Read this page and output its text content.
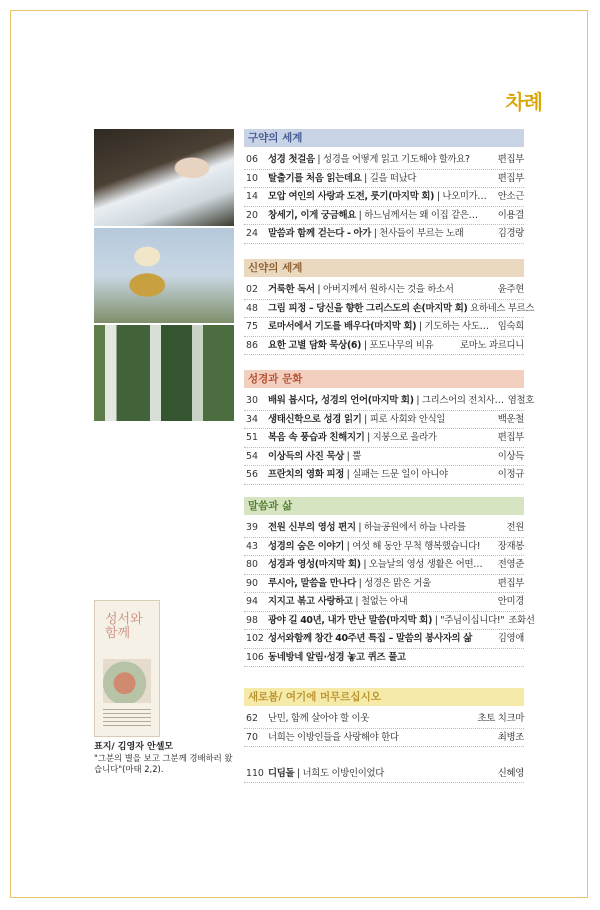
차례
구약의 세계
06	성경 첫걸음 | 성경을 어떻게 읽고 기도해야 할까요?	편집부
10	탈출기를 처음 읽는데요 | 길을 떠났다	편집부
14	모압 여인의 사랑과 도전, 룻기(마지막 회) | 나오미가…	안소근
20	창세기, 이게 궁금해요 | 하느님께서는 왜 이집 같은…	이용결
24	말씀과 함께 걷는다 - 아가 | 천사들이 부르는 노래	김경랑
신약의 세계
02	거룩한 독서 | 아버지께서 원하시는 것을 하소서	윤주현
48	그림 피정 – 당신을 향한 그리스도의 손(마지막 회) 요하네스 부르스
75	로마서에서 기도를 배우다(마지막 회) | 기도하는 사도… 임숙희
86	요한 고별 담화 묵상(6) | 포도나무의 비유	로마노 과르디니
성경과 문화
30	배워 봅시다, 성경의 언어(마지막 회) | 그리스어의 전치사… 염철호
34	생태신학으로 성경 읽기 | 피로 사회와 안식일	백운철
51	복음 속 풍습과 친해지기 | 지붕으로 올라가	편집부
54	이상득의 사진 묵상 | 뿔	이상득
56	프란치의 영화 피정 | 실패는 드문 일이 아니야	이정규
말씀과 삶
39	전원 신부의 영성 편지 | 하늘공원에서 하늘 나라를	전원
43	성경의 숨은 이야기 | 여섯 해 동안 무척 행복했습니다!	장재봉
80	성경과 영성(마지막 회) | 오늘날의 영성 생활은 어떤…	전영준
90	루시아, 말씀을 만나다 | 성경은 맑은 거울	편집부
94	지지고 볶고 사랑하고 | 철없는 아내	안미경
98	광야 길 40년, 내가 만난 말씀(마지막 회) | "주님이십니다!" 조화선
102 성서와함께 창간 40주년 특집 – 말씀의 봉사자의 삶	김영애
106 동네방네 알림·성경 놓고 퀴즈 풀고
새로봄/ 여기에 머무르십시오
62	난민, 함께 살아야 할 이웃	초토 치크마
70	너희는 이방인들을 사랑해야 한다	최병조
110 디딤돌 | 너희도 이방인이었다	신혜영
성서와 함께
표지/ 김영자 안셀모
"그분의 별을 보고 그분께 경배하러 왔습니다"(마태 2,2).
